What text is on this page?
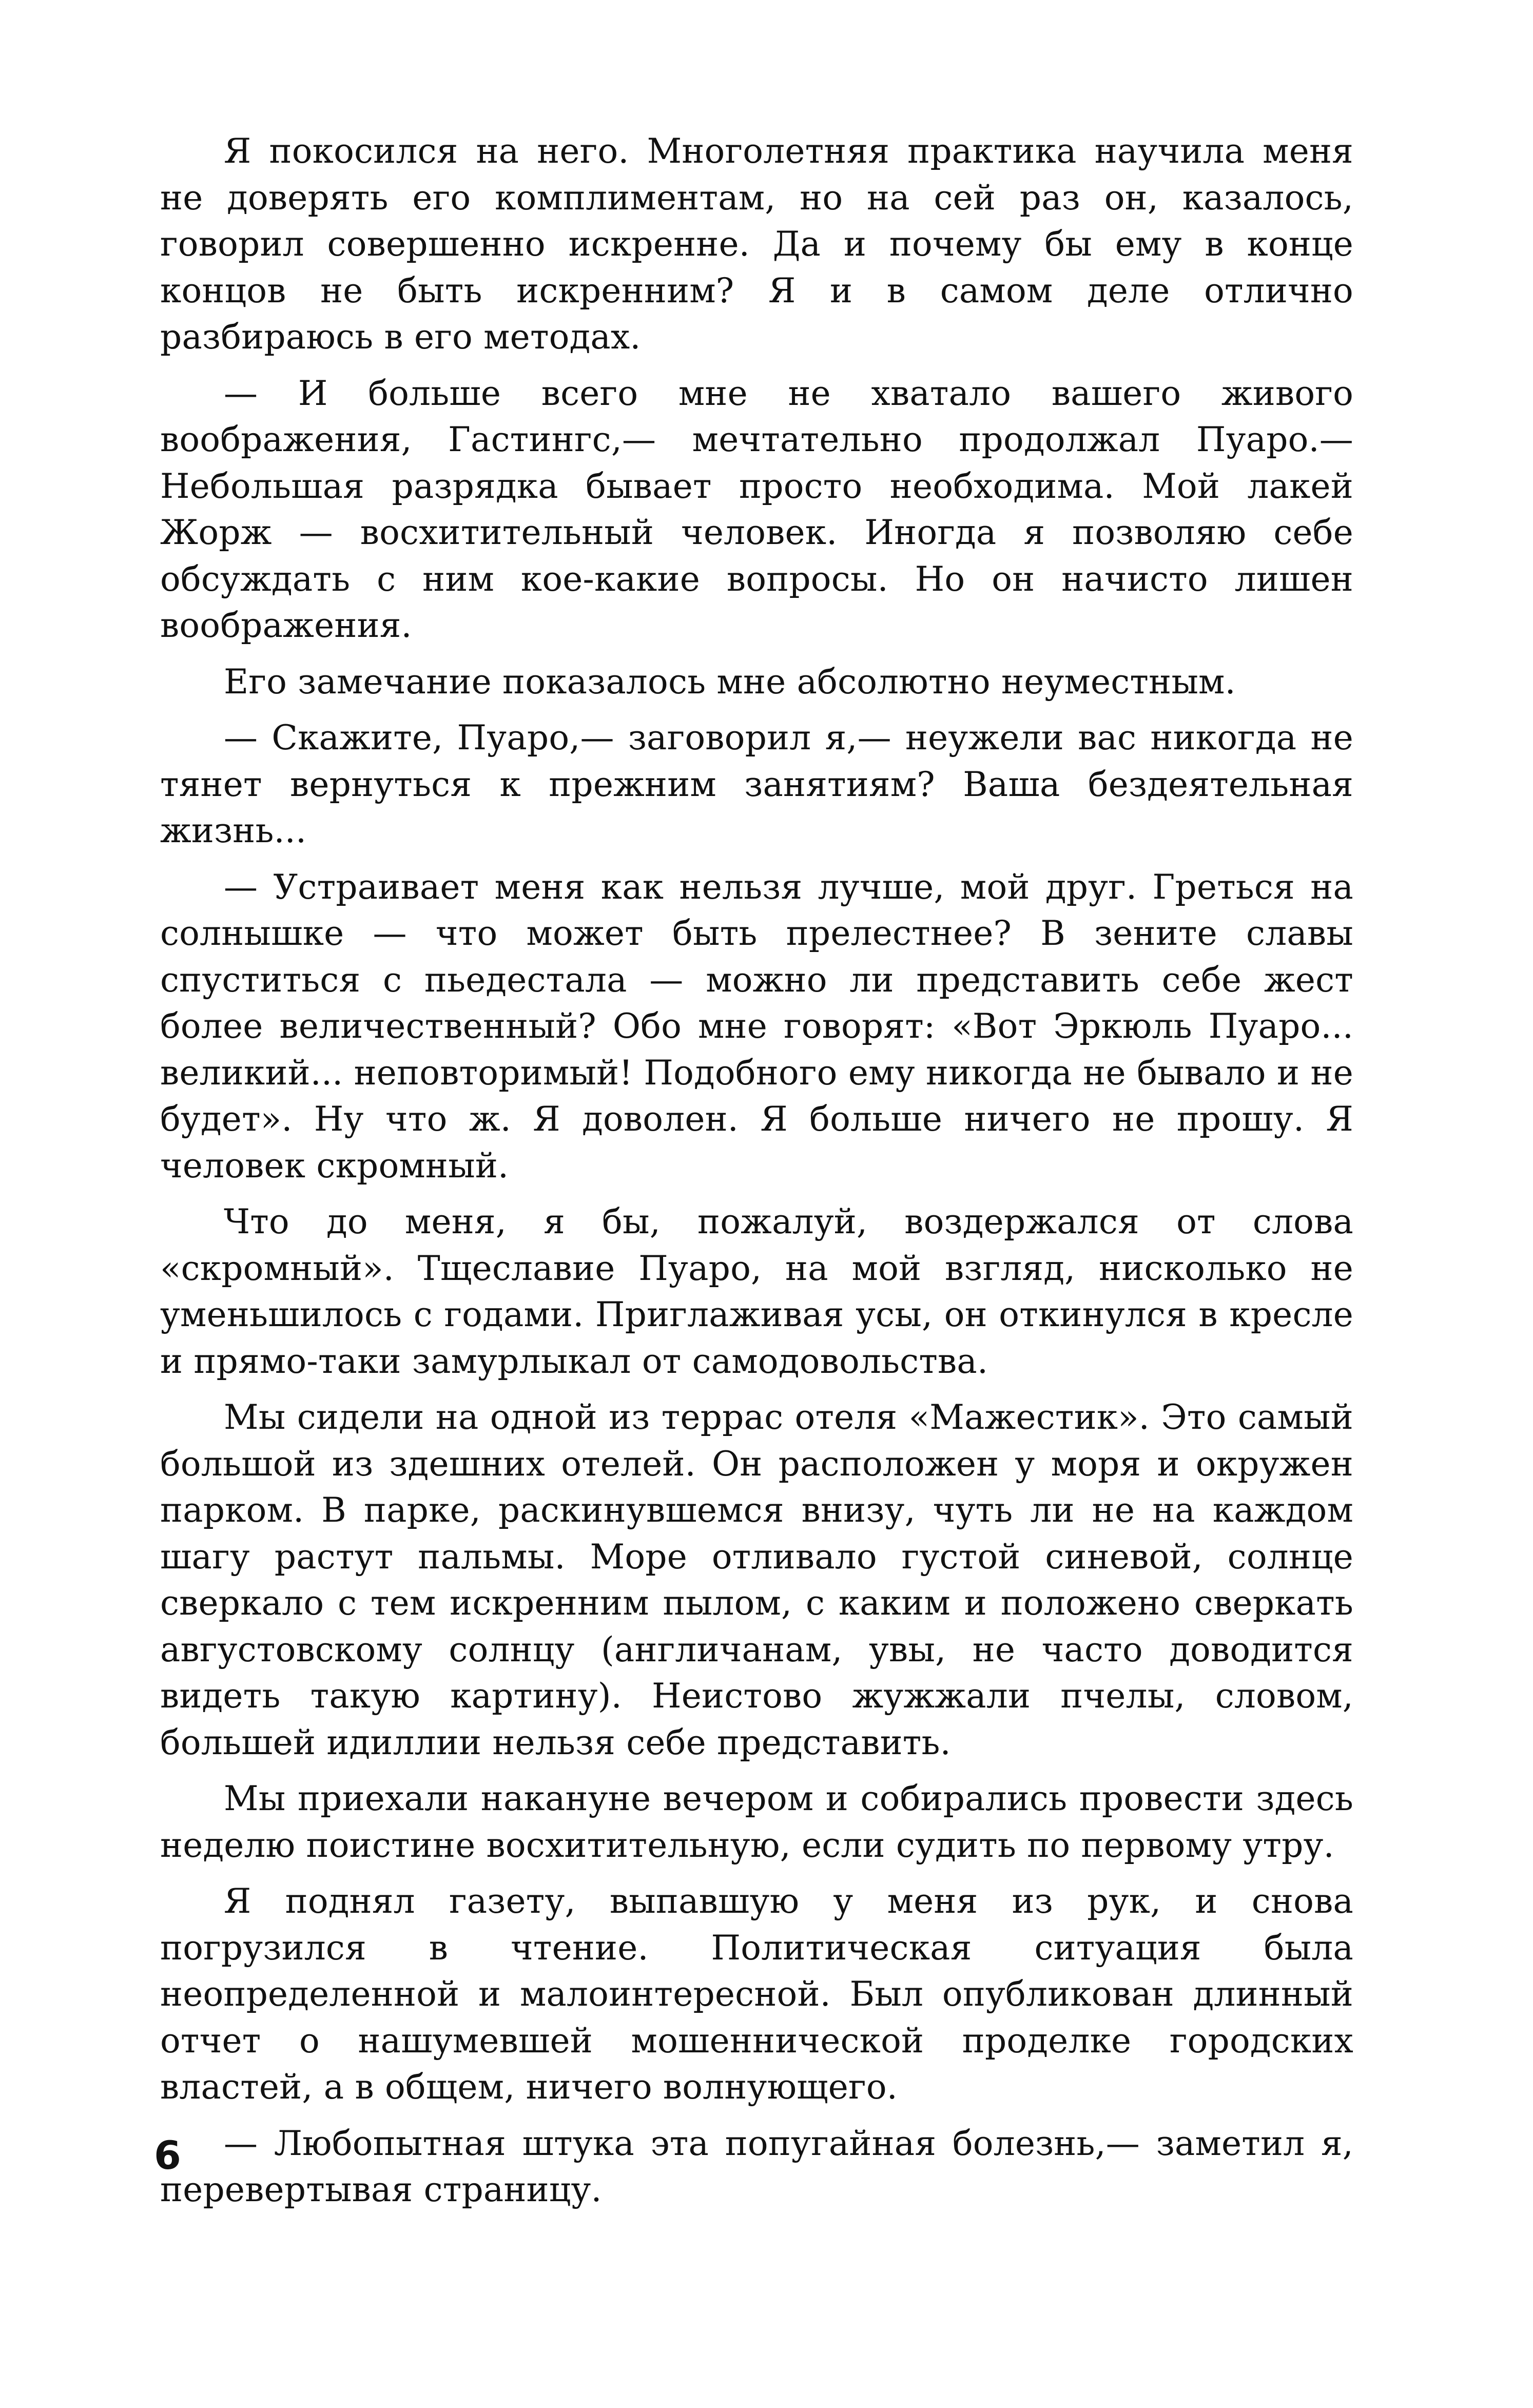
Я покосился на него. Многолетняя практика научила меня не доверять его комплиментам, но на сей раз он, казалось, говорил совершенно искренне. Да и почему бы ему в конце концов не быть искренним? Я и в самом деле отлично разбираюсь в его методах.

— И больше всего мне не хватало вашего живого воображения, Гастингс,— мечтательно продолжал Пуаро.— Небольшая разрядка бывает просто необходима. Мой лакей Жорж — восхитительный человек. Иногда я позволяю себе обсуждать с ним кое-какие вопросы. Но он начисто лишен воображения.

Его замечание показалось мне абсолютно неуместным.

— Скажите, Пуаро,— заговорил я,— неужели вас никогда не тянет вернуться к прежним занятиям? Ваша бездеятельная жизнь...

— Устраивает меня как нельзя лучше, мой друг. Греться на солнышке — что может быть прелестнее? В зените славы спуститься с пьедестала — можно ли представить себе жест более величественный? Обо мне говорят: «Вот Эркюль Пуаро... великий... неповторимый! Подобного ему никогда не бывало и не будет». Ну что ж. Я доволен. Я больше ничего не прошу. Я человек скромный.

Что до меня, я бы, пожалуй, воздержался от слова «скромный». Тщеславие Пуаро, на мой взгляд, нисколько не уменьшилось с годами. Приглаживая усы, он откинулся в кресле и прямо-таки замурлыкал от самодовольства.

Мы сидели на одной из террас отеля «Мажестик». Это самый большой из здешних отелей. Он расположен у моря и окружен парком. В парке, раскинувшемся внизу, чуть ли не на каждом шагу растут пальмы. Море отливало густой синевой, солнце сверкало с тем искренним пылом, с каким и положено сверкать августовскому солнцу (англичанам, увы, не часто доводится видеть такую картину). Неистово жужжали пчелы, словом, большей идиллии нельзя себе представить.

Мы приехали накануне вечером и собирались провести здесь неделю поистине восхитительную, если судить по первому утру.

Я поднял газету, выпавшую у меня из рук, и снова погрузился в чтение. Политическая ситуация была неопределенной и малоинтересной. Был опубликован длинный отчет о нашумевшей мошеннической проделке городских властей, а в общем, ничего волнующего.

— Любопытная штука эта попугайная болезнь,— заметил я, перевертывая страницу.

6
